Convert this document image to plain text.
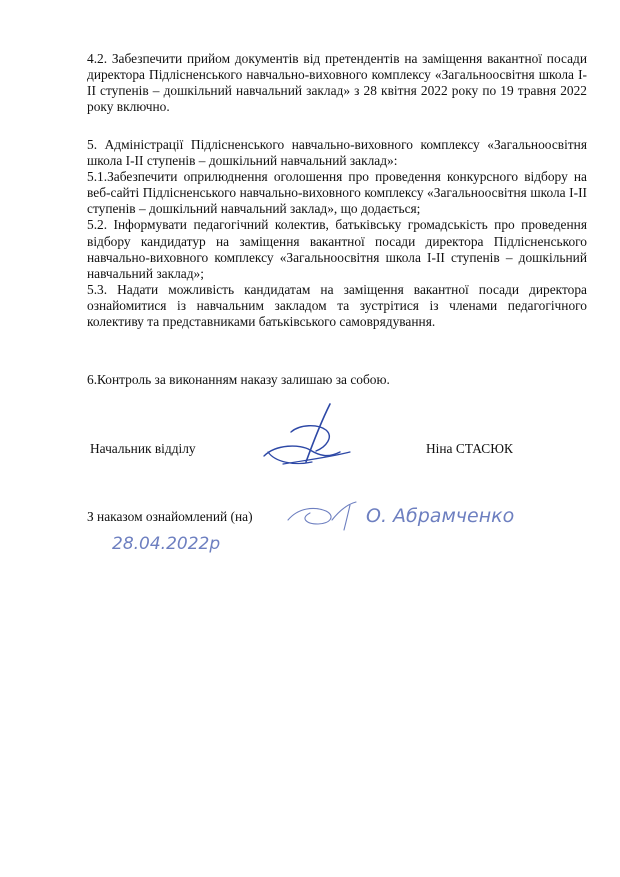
4.2. Забезпечити прийом документів від претендентів на заміщення вакантної посади директора Підлісненського навчально-виховного комплексу «Загальноосвітня школа І-ІІ ступенів – дошкільний навчальний заклад» з 28 квітня 2022 року по 19 травня 2022 року включно.

5. Адміністрації Підлісненського навчально-виховного комплексу «Загальноосвітня школа І-ІІ ступенів – дошкільний навчальний заклад»:

5.1.Забезпечити оприлюднення оголошення про проведення конкурсного відбору на веб-сайті Підлісненського навчально-виховного комплексу «Загальноосвітня школа І-ІІ ступенів – дошкільний навчальний заклад», що додається;

5.2. Інформувати педагогічний колектив, батьківську громадськість про проведення відбору кандидатур на заміщення вакантної посади директора Підлісненського навчально-виховного комплексу «Загальноосвітня школа І-ІІ ступенів – дошкільний навчальний заклад»;

5.3. Надати можливість кандидатам на заміщення вакантної посади директора ознайомитися із навчальним закладом та зустрітися із членами педагогічного колективу та представниками батьківського самоврядування.

6.Контроль за виконанням наказу залишаю за собою.

Начальник відділу	Ніна СТАСЮК
З наказом ознайомлений (на)	О. Абрамченко
28.04.2022р
